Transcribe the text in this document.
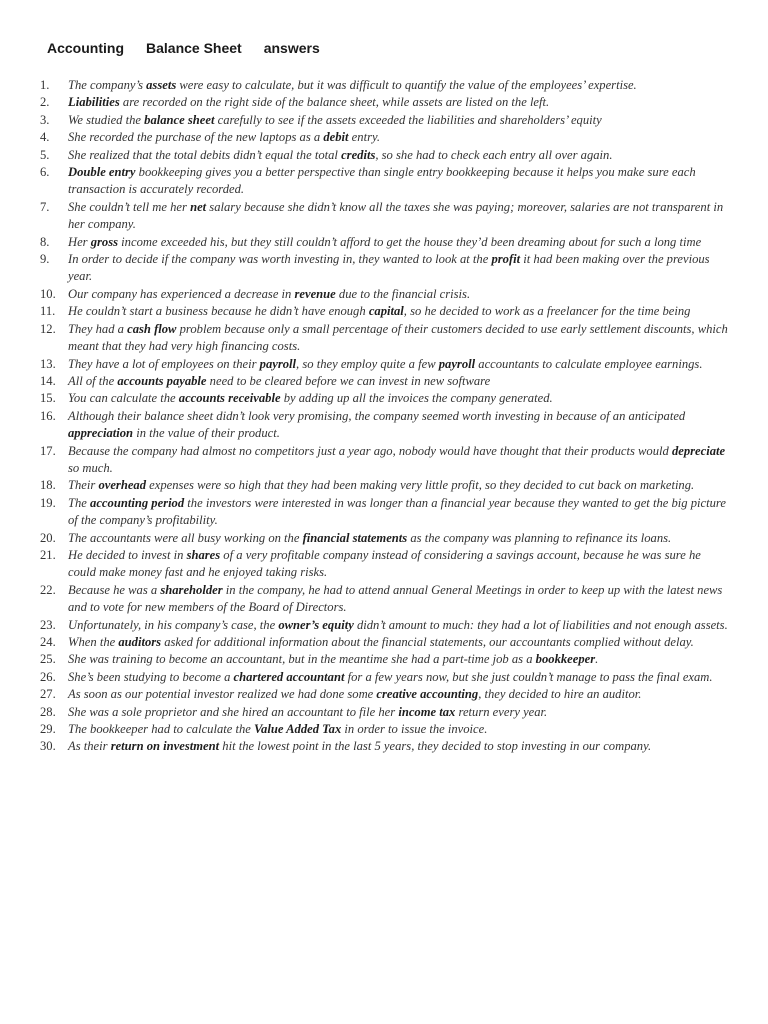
Accounting Balance Sheet answers
1.	The company’s assets were easy to calculate, but it was difficult to quantify the value of the employees’ expertise.
2.	Liabilities are recorded on the right side of the balance sheet, while assets are listed on the left.
3.	We studied the balance sheet carefully to see if the assets exceeded the liabilities and shareholders’ equity
4.	She recorded the purchase of the new laptops as a debit entry.
5.	She realized that the total debits didn’t equal the total credits, so she had to check each entry all over again.
6.	Double entry bookkeeping gives you a better perspective than single entry bookkeeping because it helps you make sure each transaction is accurately recorded.
7.	She couldn’t tell me her net salary because she didn’t know all the taxes she was paying; moreover, salaries are not transparent in her company.
8.	Her gross income exceeded his, but they still couldn’t afford to get the house they’d been dreaming about for such a long time
9.	In order to decide if the company was worth investing in, they wanted to look at the profit it had been making over the previous year.
10. Our company has experienced a decrease in revenue due to the financial crisis.
11.	He couldn’t start a business because he didn’t have enough capital, so he decided to work as a freelancer for the time being
12. They had a cash flow problem because only a small percentage of their customers decided to use early settlement discounts, which meant that they had very high financing costs.
13. They have a lot of employees on their payroll, so they employ quite a few payroll accountants to calculate employee earnings.
14. All of the accounts payable need to be cleared before we can invest in new software
15. You can calculate the accounts receivable by adding up all the invoices the company generated.
16. Although their balance sheet didn’t look very promising, the company seemed worth investing in because of an anticipated appreciation in the value of their product.
17. Because the company had almost no competitors just a year ago, nobody would have thought that their products would depreciate so much.
18. Their overhead expenses were so high that they had been making very little profit, so they decided to cut back on marketing.
19. The accounting period the investors were interested in was longer than a financial year because they wanted to get the big picture of the company’s profitability.
20. The accountants were all busy working on the financial statements as the company was planning to refinance its loans.
21. He decided to invest in shares of a very profitable company instead of considering a savings account, because he was sure he could make money fast and he enjoyed taking risks.
22. Because he was a shareholder in the company, he had to attend annual General Meetings in order to keep up with the latest news and to vote for new members of the Board of Directors.
23. Unfortunately, in his company’s case, the owner’s equity didn’t amount to much: they had a lot of liabilities and not enough assets.
24. When the auditors asked for additional information about the financial statements, our accountants complied without delay.
25. She was training to become an accountant, but in the meantime she had a part-time job as a bookkeeper.
26. She’s been studying to become a chartered accountant for a few years now, but she just couldn’t manage to pass the final exam.
27. As soon as our potential investor realized we had done some creative accounting, they decided to hire an auditor.
28. She was a sole proprietor and she hired an accountant to file her income tax return every year.
29. The bookkeeper had to calculate the Value Added Tax in order to issue the invoice.
30. As their return on investment hit the lowest point in the last 5 years, they decided to stop investing in our company.
